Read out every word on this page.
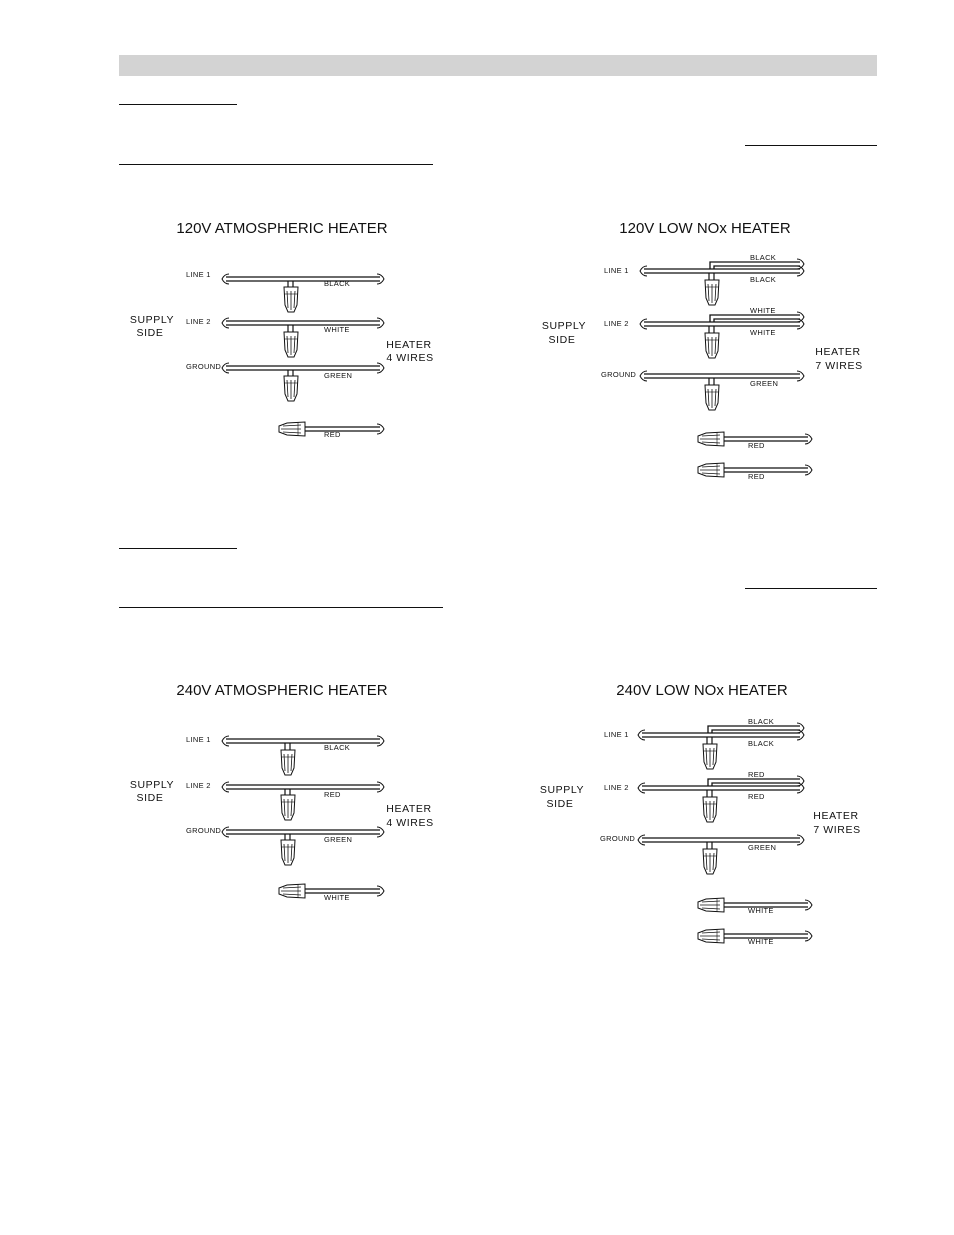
120V ATMOSPHERIC HEATER
SUPPLY
SIDE
HEATER
4 WIRES
LINE 1
BLACK
LINE 2
WHITE
GROUND
GREEN
RED
120V LOW NOx HEATER
SUPPLY
SIDE
HEATER
7 WIRES
LINE 1
BLACK
BLACK
LINE 2
WHITE
WHITE
GROUND
GREEN
RED
RED
240V ATMOSPHERIC HEATER
SUPPLY
SIDE
HEATER
4 WIRES
LINE 1
BLACK
LINE 2
RED
GROUND
GREEN
WHITE
240V LOW NOx HEATER
SUPPLY
SIDE
HEATER
7 WIRES
LINE 1
BLACK
BLACK
LINE 2
RED
RED
GROUND
GREEN
WHITE
WHITE
